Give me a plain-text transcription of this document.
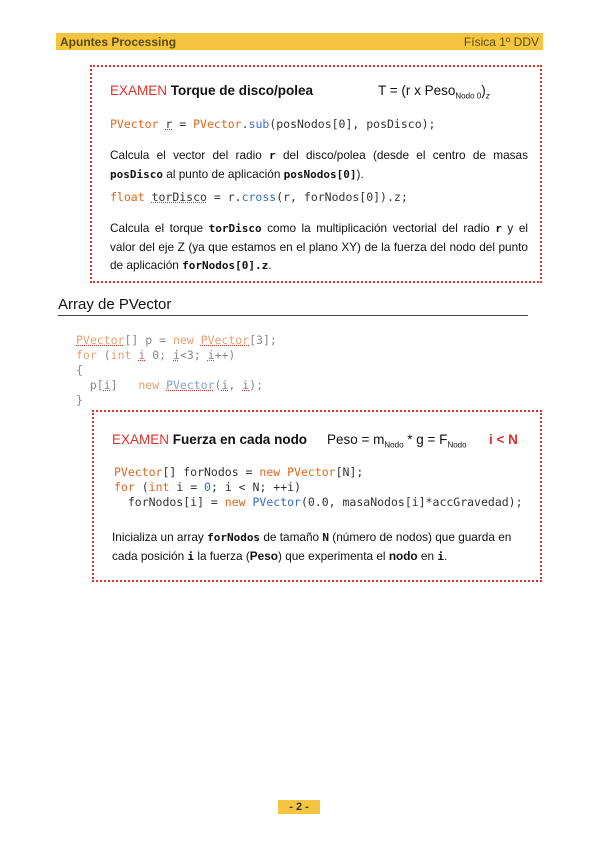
Apuntes Processing	Física 1º DDV
EXAMEN Torque de disco/polea	T = (r x $Peso_{Nodo 0})_z$
PVector r = PVector.sub(posNodos[0], posDisco);
Calcula el vector del radio r del disco/polea (desde el centro de masas posDisco al punto de aplicación posNodos[0]).
float torDisco = r.cross(r, forNodos[0]).z;
Calcula el torque torDisco como la multiplicación vectorial del radio r y el valor del eje Z (ya que estamos en el plano XY) de la fuerza del nodo del punto de aplicación forNodos[0].z.
Array de PVector
PVector[] p = new PVector[3];
for (int i 0; i<3; i++)
{
p[i]   new PVector(i, i);
}
EXAMEN Fuerza en cada nodo Peso = $m_{Nodo} * g = F_{Nodo}$ i < N
PVector[] forNodos = new PVector[N];
for (int i = 0; i < N; ++i)
forNodos[i] = new PVector(0.0, masaNodos[i]*accGravedad);
Inicializa un array forNodos de tamaño N (número de nodos) que guarda en cada posición i la fuerza (Peso) que experimenta el nodo en i.
- 2 -
